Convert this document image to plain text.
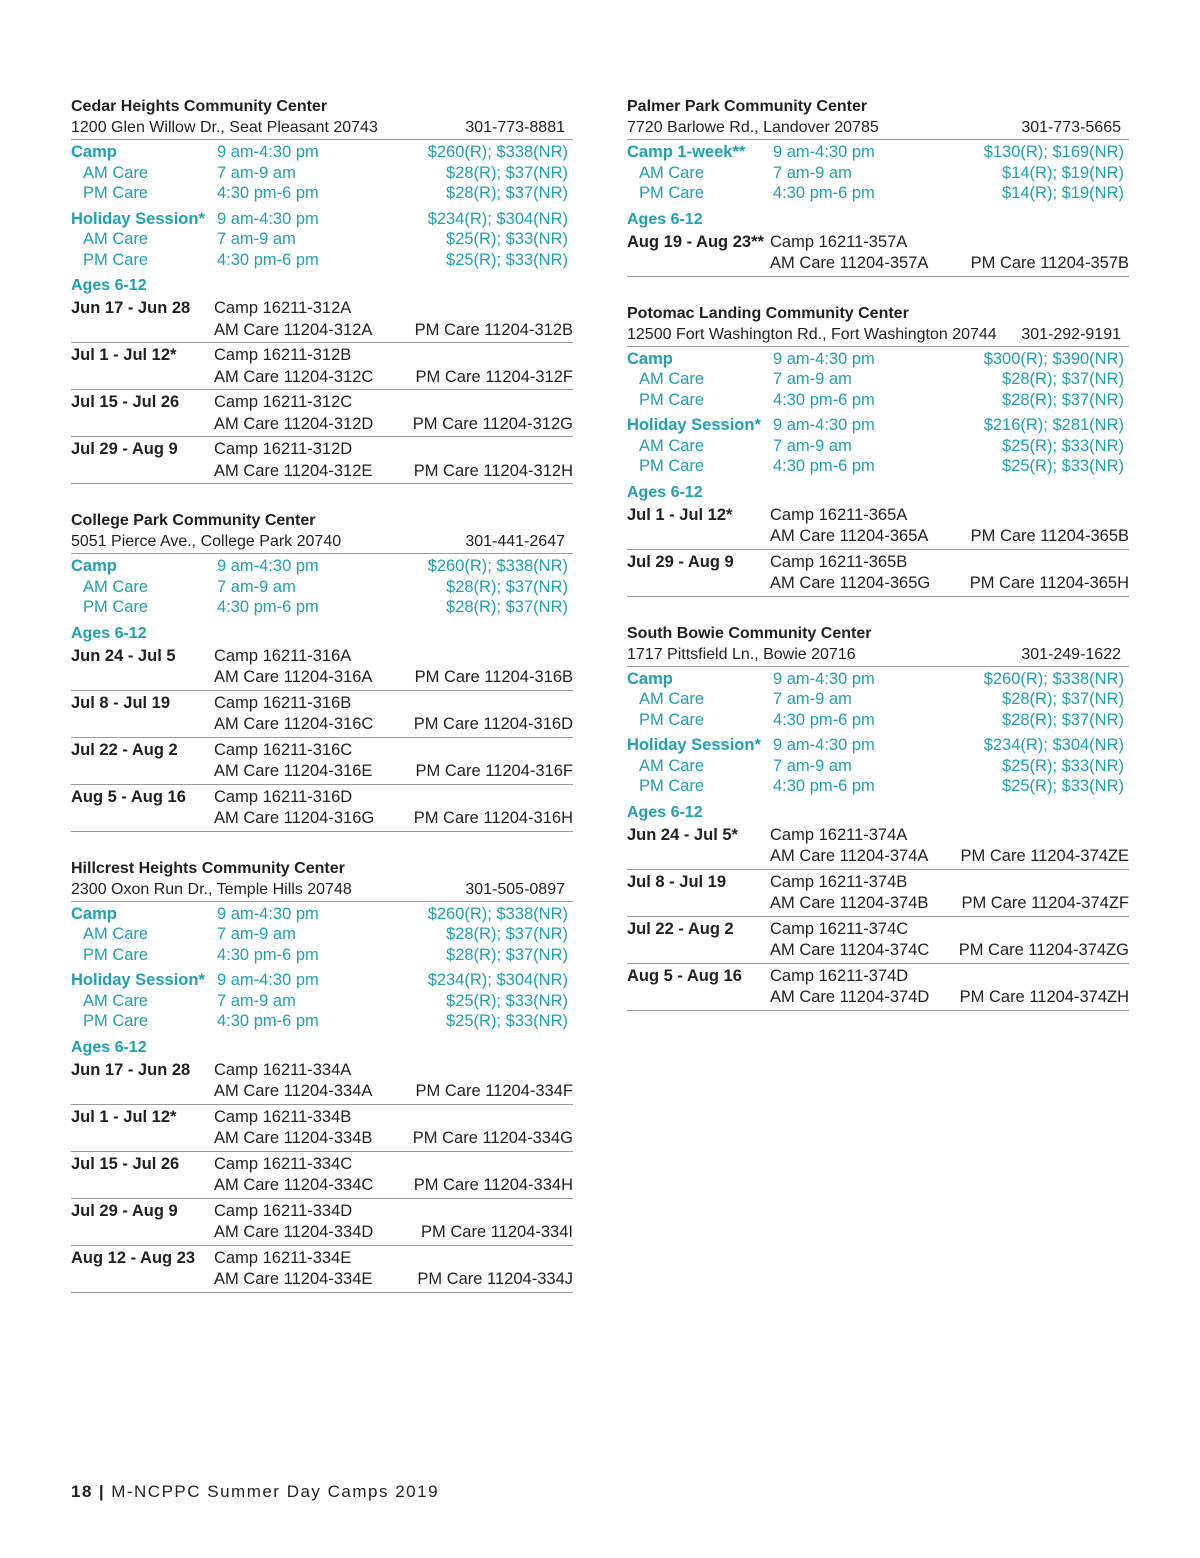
Cedar Heights Community Center
1200 Glen Willow Dr., Seat Pleasant 20743	301-773-8881
Camp	9 am-4:30 pm	$260(R); $338(NR)
AM Care	7 am-9 am	$28(R); $37(NR)
PM Care	4:30 pm-6 pm	$28(R); $37(NR)
Holiday Session* 9 am-4:30 pm	$234(R); $304(NR)
AM Care	7 am-9 am	$25(R); $33(NR)
PM Care	4:30 pm-6 pm	$25(R); $33(NR)
Ages 6-12
Jun 17 - Jun 28	Camp 16211-312A
AM Care 11204-312A	PM Care 11204-312B
Jul 1 - Jul 12*	Camp 16211-312B
AM Care 11204-312C	PM Care 11204-312F
Jul 15 - Jul 26	Camp 16211-312C
AM Care 11204-312D	PM Care 11204-312G
Jul 29 - Aug 9	Camp 16211-312D
AM Care 11204-312E	PM Care 11204-312H
College Park Community Center
5051 Pierce Ave., College Park 20740	301-441-2647
Camp	9 am-4:30 pm	$260(R); $338(NR)
AM Care	7 am-9 am	$28(R); $37(NR)
PM Care	4:30 pm-6 pm	$28(R); $37(NR)
Ages 6-12
Jun 24 - Jul 5	Camp 16211-316A
AM Care 11204-316A	PM Care 11204-316B
Jul 8 - Jul 19	Camp 16211-316B
AM Care 11204-316C	PM Care 11204-316D
Jul 22 - Aug 2	Camp 16211-316C
AM Care 11204-316E	PM Care 11204-316F
Aug 5 - Aug 16	Camp 16211-316D
AM Care 11204-316G	PM Care 11204-316H
Hillcrest Heights Community Center
2300 Oxon Run Dr., Temple Hills 20748	301-505-0897
Camp	9 am-4:30 pm	$260(R); $338(NR)
AM Care	7 am-9 am	$28(R); $37(NR)
PM Care	4:30 pm-6 pm	$28(R); $37(NR)
Holiday Session* 9 am-4:30 pm	$234(R); $304(NR)
AM Care	7 am-9 am	$25(R); $33(NR)
PM Care	4:30 pm-6 pm	$25(R); $33(NR)
Ages 6-12
Jun 17 - Jun 28	Camp 16211-334A
AM Care 11204-334A	PM Care 11204-334F
Jul 1 - Jul 12*	Camp 16211-334B
AM Care 11204-334B	PM Care 11204-334G
Jul 15 - Jul 26	Camp 16211-334C
AM Care 11204-334C	PM Care 11204-334H
Jul 29 - Aug 9	Camp 16211-334D
AM Care 11204-334D	PM Care 11204-334I
Aug 12 - Aug 23	Camp 16211-334E
AM Care 11204-334E	PM Care 11204-334J
Palmer Park Community Center
7720 Barlowe Rd., Landover 20785	301-773-5665
Camp 1-week**	9 am-4:30 pm	$130(R); $169(NR)
AM Care	7 am-9 am	$14(R); $19(NR)
PM Care	4:30 pm-6 pm	$14(R); $19(NR)
Ages 6-12
Aug 19 - Aug 23** Camp 16211-357A
AM Care 11204-357A	PM Care 11204-357B
Potomac Landing Community Center
12500 Fort Washington Rd., Fort Washington 20744 301-292-9191
Camp	9 am-4:30 pm	$300(R); $390(NR)
AM Care	7 am-9 am	$28(R); $37(NR)
PM Care	4:30 pm-6 pm	$28(R); $37(NR)
Holiday Session* 9 am-4:30 pm	$216(R); $281(NR)
AM Care	7 am-9 am	$25(R); $33(NR)
PM Care	4:30 pm-6 pm	$25(R); $33(NR)
Ages 6-12
Jul 1 - Jul 12*	Camp 16211-365A
AM Care 11204-365A	PM Care 11204-365B
Jul 29 - Aug 9	Camp 16211-365B
AM Care 11204-365G	PM Care 11204-365H
South Bowie Community Center
1717 Pittsfield Ln., Bowie 20716	301-249-1622
Camp	9 am-4:30 pm	$260(R); $338(NR)
AM Care	7 am-9 am	$28(R); $37(NR)
PM Care	4:30 pm-6 pm	$28(R); $37(NR)
Holiday Session* 9 am-4:30 pm	$234(R); $304(NR)
AM Care	7 am-9 am	$25(R); $33(NR)
PM Care	4:30 pm-6 pm	$25(R); $33(NR)
Ages 6-12
Jun 24 - Jul 5*	Camp 16211-374A
AM Care 11204-374A	PM Care 11204-374ZE
Jul 8 - Jul 19	Camp 16211-374B
AM Care 11204-374B	PM Care 11204-374ZF
Jul 22 - Aug 2	Camp 16211-374C
AM Care 11204-374C	PM Care 11204-374ZG
Aug 5 - Aug 16	Camp 16211-374D
AM Care 11204-374D	PM Care 11204-374ZH
18 | M-NCPPC Summer Day Camps 2019
